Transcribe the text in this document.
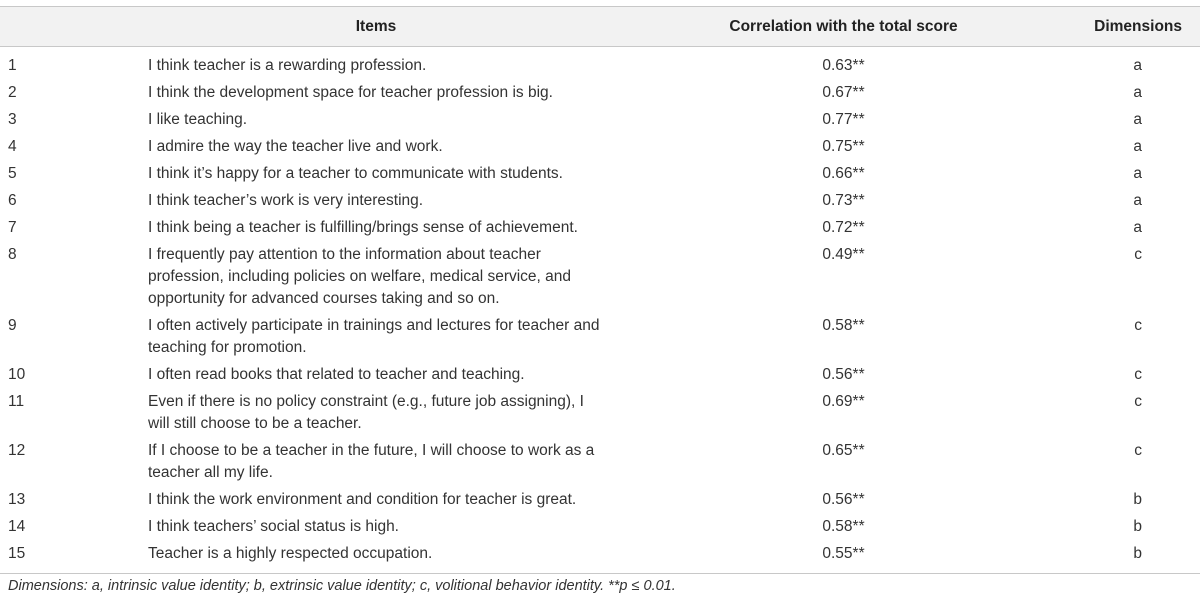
	Items	Correlation with the total score	Dimensions
1	I think teacher is a rewarding profession.	0.63**	a
2	I think the development space for teacher profession is big.	0.67**	a
3	I like teaching.	0.77**	a
4	I admire the way the teacher live and work.	0.75**	a
5	I think it’s happy for a teacher to communicate with students.	0.66**	a
6	I think teacher’s work is very interesting.	0.73**	a
7	I think being a teacher is fulfilling/brings sense of achievement.	0.72**	a
8	I frequently pay attention to the information about teacher profession, including policies on welfare, medical service, and opportunity for advanced courses taking and so on.	0.49**	c
9	I often actively participate in trainings and lectures for teacher and teaching for promotion.	0.58**	c
10	I often read books that related to teacher and teaching.	0.56**	c
11	Even if there is no policy constraint (e.g., future job assigning), I will still choose to be a teacher.	0.69**	c
12	If I choose to be a teacher in the future, I will choose to work as a teacher all my life.	0.65**	c
13	I think the work environment and condition for teacher is great.	0.56**	b
14	I think teachers’ social status is high.	0.58**	b
15	Teacher is a highly respected occupation.	0.55**	b
Dimensions: a, intrinsic value identity; b, extrinsic value identity; c, volitional behavior identity. **p ≤ 0.01.
